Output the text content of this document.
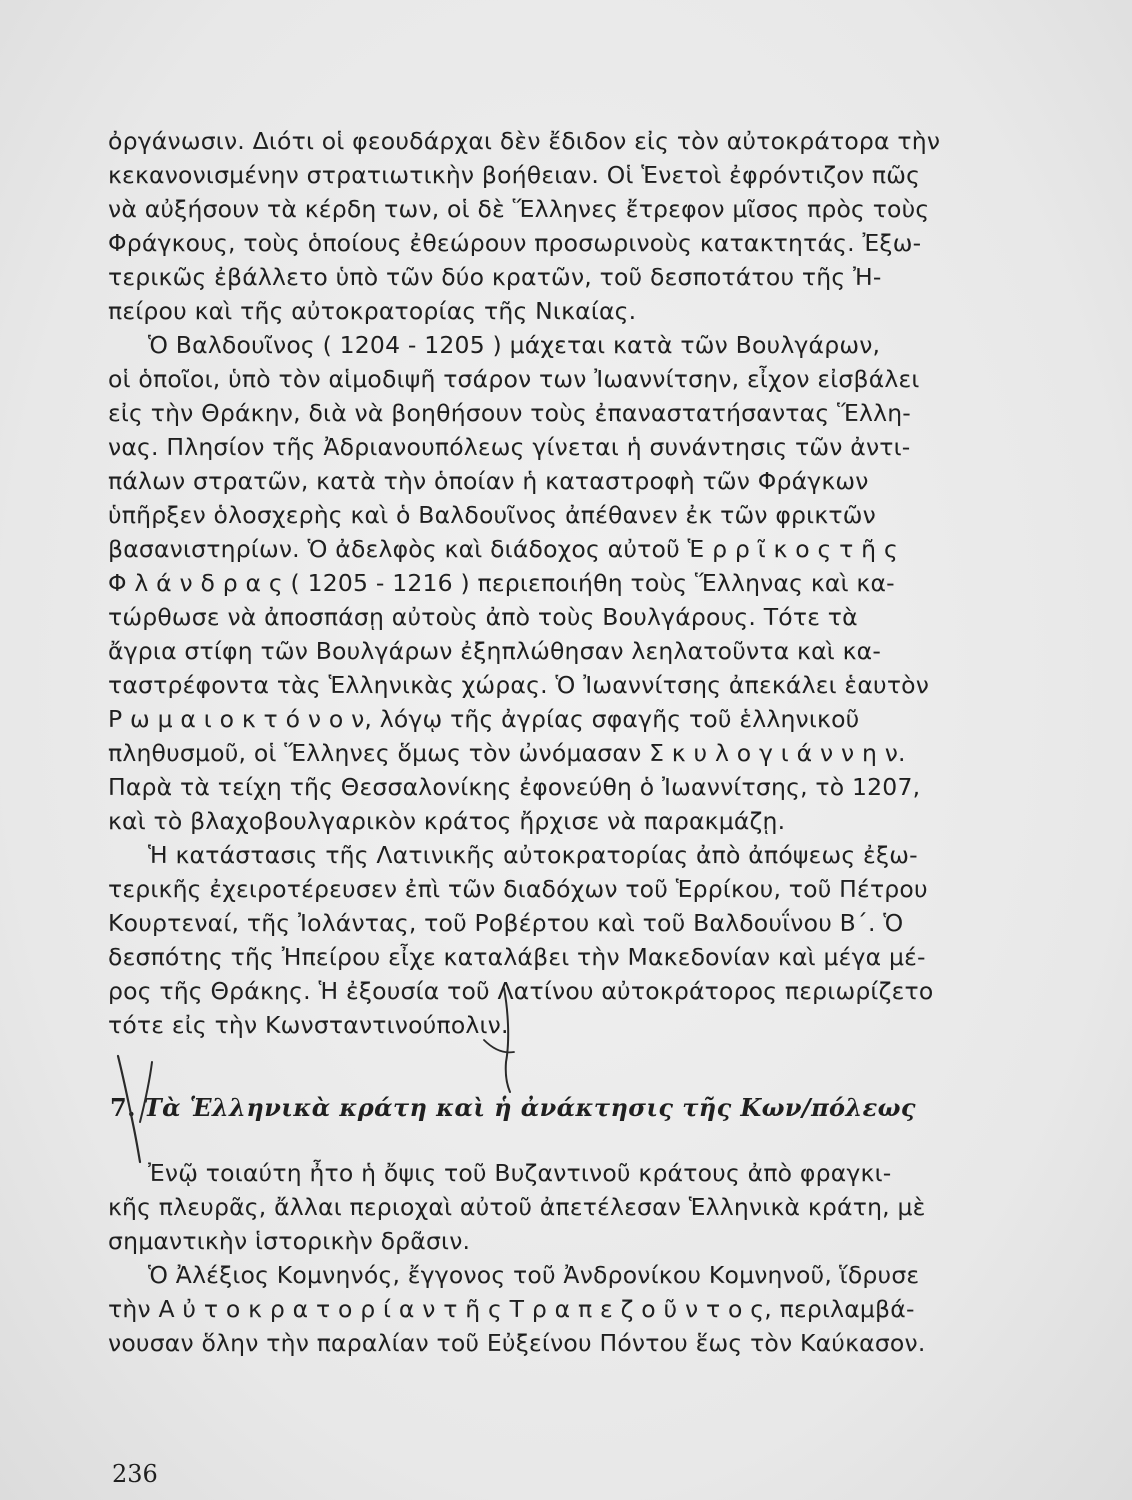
ὀργάνωσιν. Διότι οἱ φεουδάρχαι δὲν ἔδιδον εἰς τὸν αὐτοκράτορα τὴν
κεκανονισμένην στρατιωτικὴν βοήθειαν. Οἱ Ἑνετοὶ ἐφρόντιζον πῶς
νὰ αὐξήσουν τὰ κέρδη των, οἱ δὲ Ἕλληνες ἔτρεφον μῖσος πρὸς τοὺς
Φράγκους, τοὺς ὁποίους ἐθεώρουν προσωρινοὺς κατακτητάς. Ἐξω-
τερικῶς ἐβάλλετο ὑπὸ τῶν δύο κρατῶν, τοῦ δεσποτάτου τῆς Ἠ-
πείρου καὶ τῆς αὐτοκρατορίας τῆς Νικαίας.
Ὁ Βαλδουῖνος ( 1204 - 1205 ) μάχεται κατὰ τῶν Βουλγάρων,
οἱ ὁποῖοι, ὑπὸ τὸν αἱμοδιψῆ τσάρον των Ἰωαννίτσην, εἶχον εἰσβάλει
εἰς τὴν Θράκην, διὰ νὰ βοηθήσουν τοὺς ἐπαναστατήσαντας Ἕλλη-
νας. Πλησίον τῆς Ἀδριανουπόλεως γίνεται ἡ συνάντησις τῶν ἀντι-
πάλων στρατῶν, κατὰ τὴν ὁποίαν ἡ καταστροφὴ τῶν Φράγκων
ὑπῆρξεν ὁλοσχερὴς καὶ ὁ Βαλδουῖνος ἀπέθανεν ἐκ τῶν φρικτῶν
βασανιστηρίων. Ὁ ἀδελφὸς καὶ διάδοχος αὐτοῦ Ἑ ρ ρ ῖ κ ο ς τ ῆ ς
Φ λ ά ν δ ρ α ς ( 1205 - 1216 ) περιεποιήθη τοὺς Ἕλληνας καὶ κα-
τώρθωσε νὰ ἀποσπάσῃ αὐτοὺς ἀπὸ τοὺς Βουλγάρους. Τότε τὰ
ἄγρια στίφη τῶν Βουλγάρων ἐξηπλώθησαν λεηλατοῦντα καὶ κα-
ταστρέφοντα τὰς Ἑλληνικὰς χώρας. Ὁ Ἰωαννίτσης ἀπεκάλει ἑαυτὸν
Ρ ω μ α ι ο κ τ ό ν ο ν, λόγῳ τῆς ἀγρίας σφαγῆς τοῦ ἑλληνικοῦ
πληθυσμοῦ, οἱ Ἕλληνες ὅμως τὸν ὠνόμασαν Σ κ υ λ ο γ ι ά ν ν η ν.
Παρὰ τὰ τείχη τῆς Θεσσαλονίκης ἐφονεύθη ὁ Ἰωαννίτσης, τὸ 1207,
καὶ τὸ βλαχοβουλγαρικὸν κράτος ἤρχισε νὰ παρακμάζῃ.
Ἡ κατάστασις τῆς Λατινικῆς αὐτοκρατορίας ἀπὸ ἀπόψεως ἐξω-
τερικῆς ἐχειροτέρευσεν ἐπὶ τῶν διαδόχων τοῦ Ἑρρίκου, τοῦ Πέτρου
Κουρτεναί, τῆς Ἰολάντας, τοῦ Ροβέρτου καὶ τοῦ Βαλδουΐνου Β΄. Ὁ
δεσπότης τῆς Ἠπείρου εἶχε καταλάβει τὴν Μακεδονίαν καὶ μέγα μέ-
ρος τῆς Θράκης. Ἡ ἐξουσία τοῦ Λατίνου αὐτοκράτορος περιωρίζετο
τότε εἰς τὴν Κωνσταντινούπολιν.
7. Τὰ Ἑλληνικὰ κράτη καὶ ἡ ἀνάκτησις τῆς Κων/πόλεως
Ἐνῷ τοιαύτη ἦτο ἡ ὄψις τοῦ Βυζαντινοῦ κράτους ἀπὸ φραγκι-
κῆς πλευρᾶς, ἄλλαι περιοχαὶ αὐτοῦ ἀπετέλεσαν Ἑλληνικὰ κράτη, μὲ
σημαντικὴν ἱστορικὴν δρᾶσιν.
Ὁ Ἀλέξιος Κομνηνός, ἔγγονος τοῦ Ἀνδρονίκου Κομνηνοῦ, ἵδρυσε
τὴν Α ὐ τ ο κ ρ α τ ο ρ ί α ν τ ῆ ς Τ ρ α π ε ζ ο ῦ ν τ ο ς, περιλαμβά-
νουσαν ὅλην τὴν παραλίαν τοῦ Εὐξείνου Πόντου ἕως τὸν Καύκασον.
236
